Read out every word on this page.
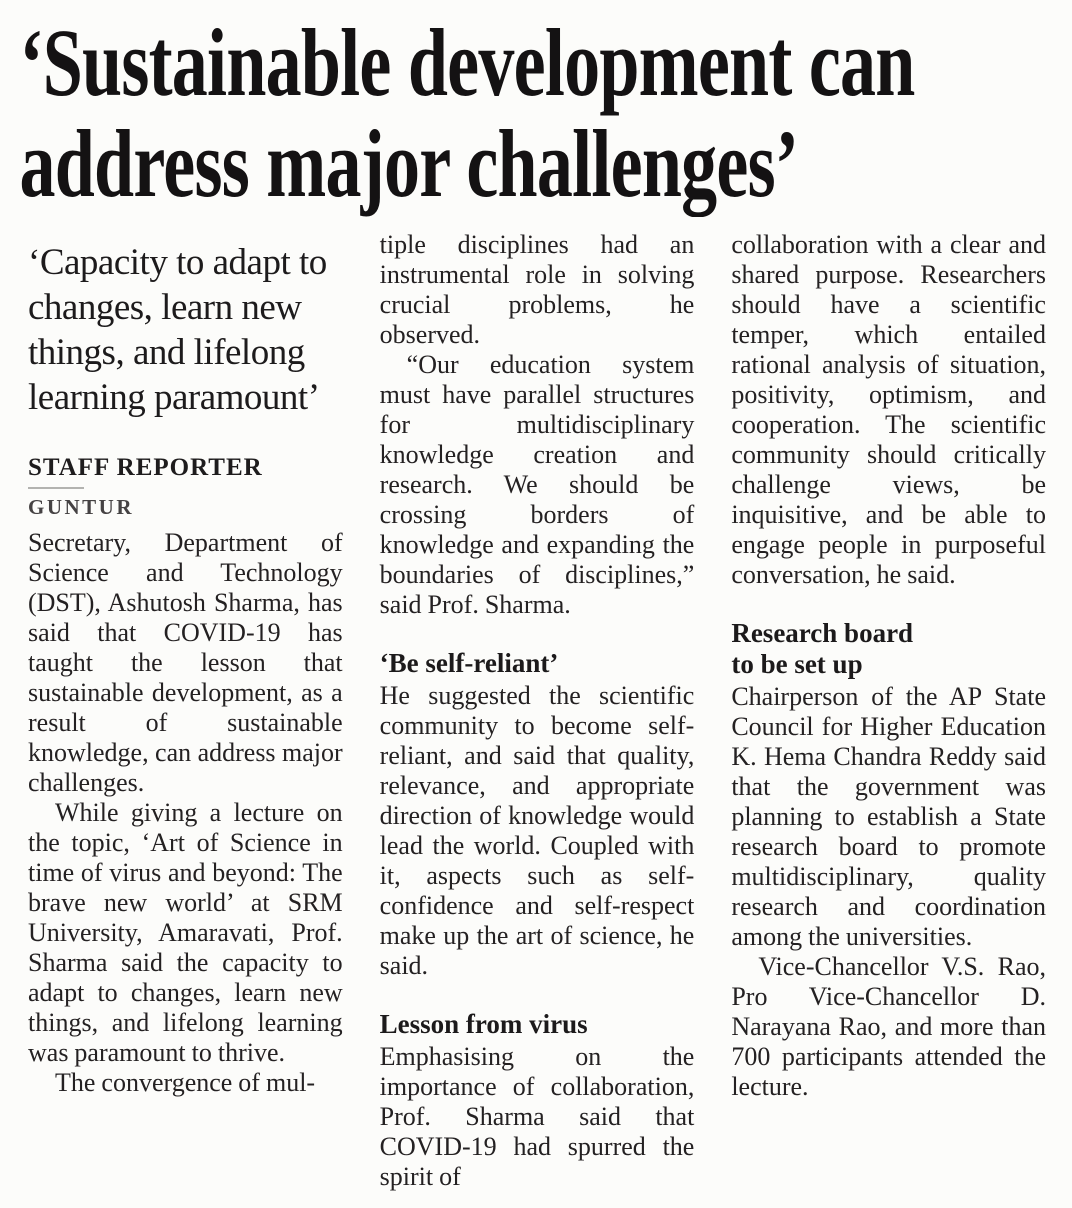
‘Sustainable development can
address major challenges’
‘Capacity to adapt to changes, learn new things, and lifelong learning paramount’
STAFF REPORTER
GUNTUR

Secretary, Department of Science and Technology (DST), Ashutosh Sharma, has said that COVID-19 has taught the lesson that sustainable development, as a result of sustainable knowledge, can address major challenges.

While giving a lecture on the topic, ‘Art of Science in time of virus and beyond: The brave new world’ at SRM University, Amaravati, Prof. Sharma said the capacity to adapt to changes, learn new things, and lifelong learning was paramount to thrive.

The convergence of mul-

tiple disciplines had an instrumental role in solving crucial problems, he observed.

“Our education system must have parallel structures for multidisciplinary knowledge creation and research. We should be crossing borders of knowledge and expanding the boundaries of disciplines,” said Prof. Sharma.

‘Be self-reliant’

He suggested the scientific community to become self-reliant, and said that quality, relevance, and appropriate direction of knowledge would lead the world. Coupled with it, aspects such as self-confidence and self-respect make up the art of science, he said.

Lesson from virus

Emphasising on the importance of collaboration, Prof. Sharma said that COVID-19 had spurred the spirit of

collaboration with a clear and shared purpose. Researchers should have a scientific temper, which entailed rational analysis of situation, positivity, optimism, and cooperation. The scientific community should critically challenge views, be inquisitive, and be able to engage people in purposeful conversation, he said.

Research board
to be set up

Chairperson of the AP State Council for Higher Education K. Hema Chandra Reddy said that the government was planning to establish a State research board to promote multidisciplinary, quality research and coordination among the universities.

Vice-Chancellor V.S. Rao, Pro Vice-Chancellor D. Narayana Rao, and more than 700 participants attended the lecture.
